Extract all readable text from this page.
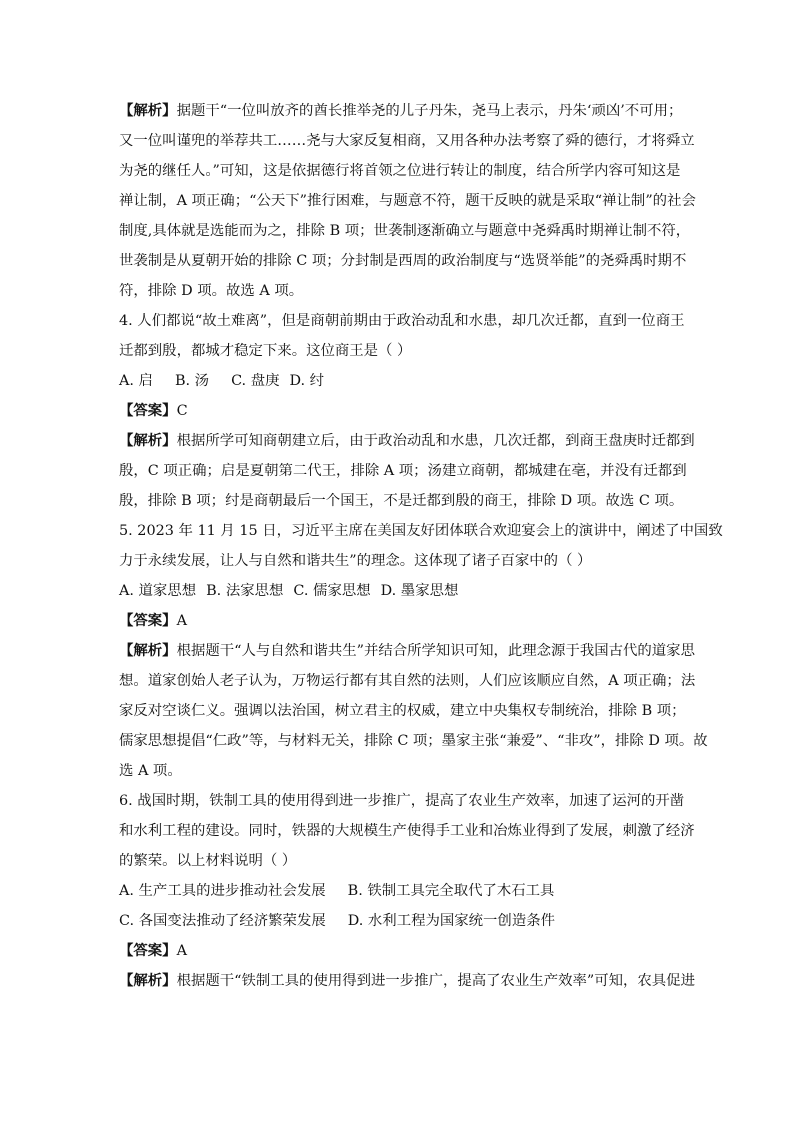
【解析】据题干“一位叫放齐的酋长推举尧的儿子丹朱，尧马上表示，丹朱‘顽凶’不可用；
又一位叫谨兜的举荐共工……尧与大家反复相商，又用各种办法考察了舜的德行，才将舜立
为尧的继任人。”可知，这是依据德行将首领之位进行转让的制度，结合所学内容可知这是
禅让制，A 项正确；“公天下”推行困难，与题意不符，题干反映的就是采取“禅让制”的社会
制度,具体就是选能而为之，排除 B 项；世袭制逐渐确立与题意中尧舜禹时期禅让制不符，
世袭制是从夏朝开始的排除 C 项；分封制是西周的政治制度与“选贤举能”的尧舜禹时期不
符，排除 D 项。故选 A 项。
4. 人们都说“故土难离”，但是商朝前期由于政治动乱和水患，却几次迁都，直到一位商王
迁都到殷，都城才稳定下来。这位商王是（ ）
A. 启 B. 汤 C. 盘庚 D. 纣
【答案】C
【解析】根据所学可知商朝建立后，由于政治动乱和水患，几次迁都，到商王盘庚时迁都到
殷，C 项正确；启是夏朝第二代王，排除 A 项；汤建立商朝，都城建在亳，并没有迁都到
殷，排除 B 项；纣是商朝最后一个国王，不是迁都到殷的商王，排除 D 项。故选 C 项。
5. 2023 年 11 月 15 日，习近平主席在美国友好团体联合欢迎宴会上的演讲中，阐述了中国致
力于永续发展，让人与自然和谐共生”的理念。这体现了诸子百家中的（ ）
A. 道家思想 B. 法家思想 C. 儒家思想 D. 墨家思想
【答案】A
【解析】根据题干“人与自然和谐共生”并结合所学知识可知，此理念源于我国古代的道家思
想。道家创始人老子认为，万物运行都有其自然的法则，人们应该顺应自然，A 项正确；法
家反对空谈仁义。强调以法治国，树立君主的权威，建立中央集权专制统治，排除 B 项；
儒家思想提倡“仁政”等，与材料无关，排除 C 项；墨家主张“兼爱”、“非攻”，排除 D 项。故
选 A 项。
6. 战国时期，铁制工具的使用得到进一步推广，提高了农业生产效率，加速了运河的开凿
和水利工程的建设。同时，铁器的大规模生产使得手工业和冶炼业得到了发展，刺激了经济
的繁荣。以上材料说明（ ）
A. 生产工具的进步推动社会发展 B. 铁制工具完全取代了木石工具
C. 各国变法推动了经济繁荣发展 D. 水利工程为国家统一创造条件
【答案】A
【解析】根据题干“铁制工具的使用得到进一步推广，提高了农业生产效率”可知，农具促进
